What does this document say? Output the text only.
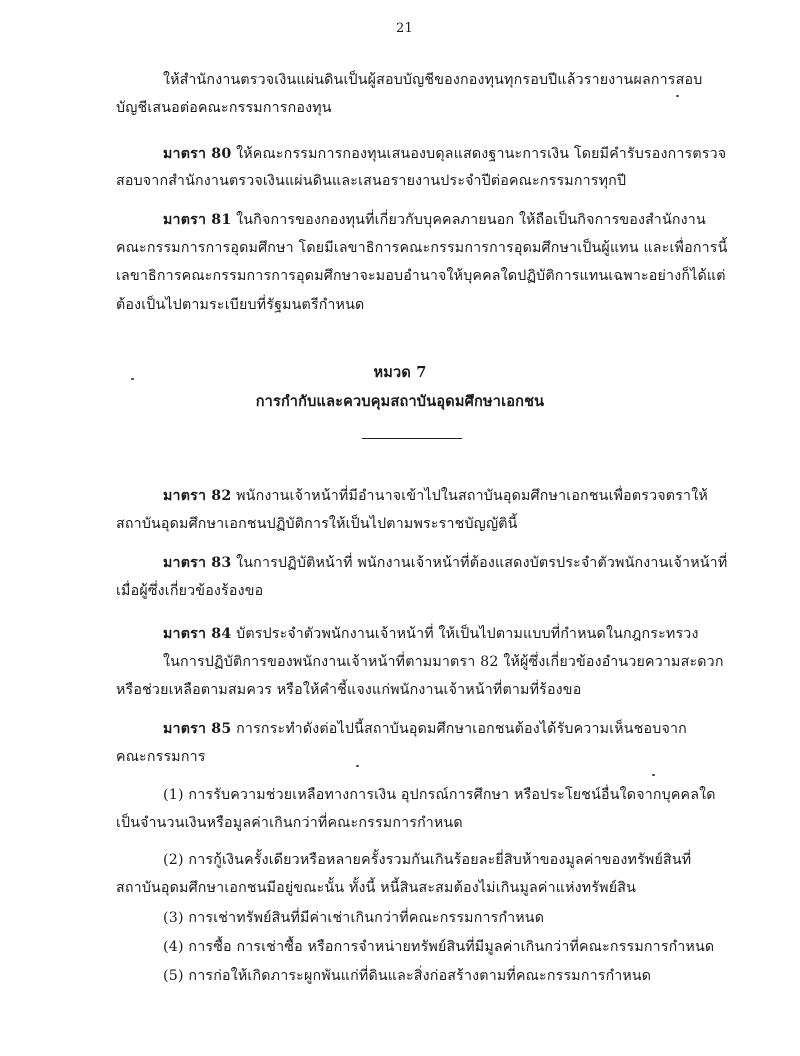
21
ให้สำนักงานตรวจเงินแผ่นดินเป็นผู้สอบบัญชีของกองทุนทุกรอบปีแล้วรายงานผลการสอบ
บัญชีเสนอต่อคณะกรรมการกองทุน
มาตรา 80 ให้คณะกรรมการกองทุนเสนองบดุลแสดงฐานะการเงิน โดยมีคำรับรองการตรวจ
สอบจากสำนักงานตรวจเงินแผ่นดินและเสนอรายงานประจำปีต่อคณะกรรมการทุกปี
มาตรา 81 ในกิจการของกองทุนที่เกี่ยวกับบุคคลภายนอก ให้ถือเป็นกิจการของสำนักงาน
คณะกรรมการการอุดมศึกษา โดยมีเลขาธิการคณะกรรมการการอุดมศึกษาเป็นผู้แทน และเพื่อการนี้
เลขาธิการคณะกรรมการการอุดมศึกษาจะมอบอำนาจให้บุคคลใดปฏิบัติการแทนเฉพาะอย่างก็ได้แต่
ต้องเป็นไปตามระเบียบที่รัฐมนตรีกำหนด
หมวด 7
การกำกับและควบคุมสถาบันอุดมศึกษาเอกชน
มาตรา 82 พนักงานเจ้าหน้าที่มีอำนาจเข้าไปในสถาบันอุดมศึกษาเอกชนเพื่อตรวจตราให้
สถาบันอุดมศึกษาเอกชนปฏิบัติการให้เป็นไปตามพระราชบัญญัตินี้
มาตรา 83 ในการปฏิบัติหน้าที่ พนักงานเจ้าหน้าที่ต้องแสดงบัตรประจำตัวพนักงานเจ้าหน้าที่
เมื่อผู้ซึ่งเกี่ยวข้องร้องขอ
มาตรา 84 บัตรประจำตัวพนักงานเจ้าหน้าที่ ให้เป็นไปตามแบบที่กำหนดในกฎกระทรวง
ในการปฏิบัติการของพนักงานเจ้าหน้าที่ตามมาตรา 82 ให้ผู้ซึ่งเกี่ยวข้องอำนวยความสะดวก
หรือช่วยเหลือตามสมควร หรือให้คำชี้แจงแก่พนักงานเจ้าหน้าที่ตามที่ร้องขอ
มาตรา 85 การกระทำดังต่อไปนี้สถาบันอุดมศึกษาเอกชนต้องได้รับความเห็นชอบจาก
คณะกรรมการ
(1) การรับความช่วยเหลือทางการเงิน อุปกรณ์การศึกษา หรือประโยชน์อื่นใดจากบุคคลใด
เป็นจำนวนเงินหรือมูลค่าเกินกว่าที่คณะกรรมการกำหนด
(2) การกู้เงินครั้งเดียวหรือหลายครั้งรวมกันเกินร้อยละยี่สิบห้าของมูลค่าของทรัพย์สินที่
สถาบันอุดมศึกษาเอกชนมีอยู่ขณะนั้น ทั้งนี้ หนี้สินสะสมต้องไม่เกินมูลค่าแห่งทรัพย์สิน
(3) การเช่าทรัพย์สินที่มีค่าเช่าเกินกว่าที่คณะกรรมการกำหนด
(4) การซื้อ การเช่าซื้อ หรือการจำหน่ายทรัพย์สินที่มีมูลค่าเกินกว่าที่คณะกรรมการกำหนด
(5) การก่อให้เกิดภาระผูกพันแก่ที่ดินและสิ่งก่อสร้างตามที่คณะกรรมการกำหนด
